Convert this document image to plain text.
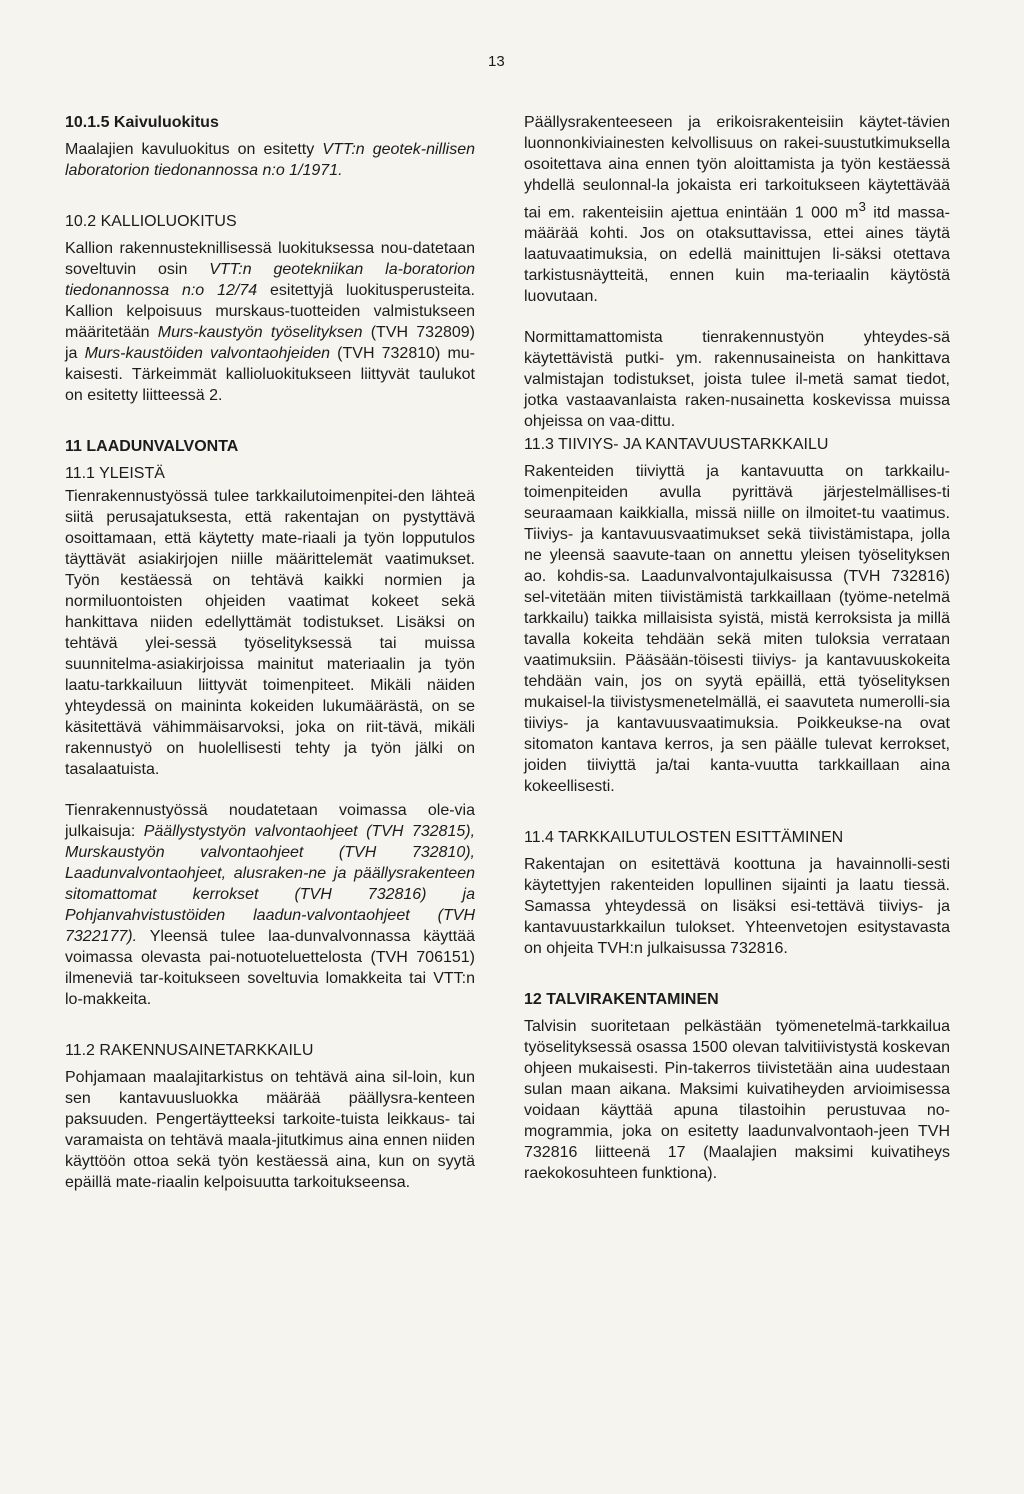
13
10.1.5 Kaivuluokitus

Maalajien kavuluokitus on esitetty VTT:n geotek-nillisen laboratorion tiedonannossa n:o 1/1971.

10.2 KALLIOLUOKITUS

Kallion rakennusteknillisessä luokituksessa nou-datetaan soveltuvin osin VTT:n geotekniikan la-boratorion tiedonannossa n:o 12/74 esitettyjä luokitusperusteita. Kallion kelpoisuus murskaus-tuotteiden valmistukseen määritetään Murs-kaustyön työselityksen (TVH 732809) ja Murs-kaustöiden valvontaohjeiden (TVH 732810) mu-kaisesti. Tärkeimmät kallioluokitukseen liittyvät taulukot on esitetty liitteessä 2.

11 LAADUNVALVONTA
11.1 YLEISTÄ

Tienrakennustyössä tulee tarkkailutoimenpitei-den lähteä siitä perusajatuksesta, että rakentajan on pystyttävä osoittamaan, että käytetty mate-riaali ja työn lopputulos täyttävät asiakirjojen niille määrittelemät vaatimukset. Työn kestäessä on tehtävä kaikki normien ja normiluontoisten ohjeiden vaatimat kokeet sekä hankittava niiden edellyttämät todistukset. Lisäksi on tehtävä ylei-sessä työselityksessä tai muissa suunnitelma-asiakirjoissa mainitut materiaalin ja työn laatu-tarkkailuun liittyvät toimenpiteet. Mikäli näiden yhteydessä on maininta kokeiden lukumäärästä, on se käsitettävä vähimmäisarvoksi, joka on riit-tävä, mikäli rakennustyö on huolellisesti tehty ja työn jälki on tasalaatuista.

Tienrakennustyössä noudatetaan voimassa ole-via julkaisuja: Päällystystyön valvontaohjeet (TVH 732815), Murskaustyön valvontaohjeet (TVH 732810), Laadunvalvontaohjeet, alusraken-ne ja päällysrakenteen sitomattomat kerrokset (TVH 732816) ja Pohjanvahvistustöiden laadun-valvontaohjeet (TVH 7322177). Yleensä tulee laa-dunvalvonnassa käyttää voimassa olevasta pai-notuoteluettelosta (TVH 706151) ilmeneviä tar-koitukseen soveltuvia lomakkeita tai VTT:n lo-makkeita.

11.2 RAKENNUSAINETARKKAILU

Pohjamaan maalajitarkistus on tehtävä aina sil-loin, kun sen kantavuusluokka määrää päällysra-kenteen paksuuden. Pengertäytteeksi tarkoite-tuista leikkaus- tai varamaista on tehtävä maala-jitutkimus aina ennen niiden käyttöön ottoa sekä työn kestäessä aina, kun on syytä epäillä mate-riaalin kelpoisuutta tarkoitukseensa.

Päällysrakenteeseen ja erikoisrakenteisiin käytet-tävien luonnonkiviainesten kelvollisuus on rakei-suustutkimuksella osoitettava aina ennen työn aloittamista ja työn kestäessä yhdellä seulonnal-la jokaista eri tarkoitukseen käytettävää tai em. rakenteisiin ajettua enintään 1 000 $m^3$ itd massa-määrää kohti. Jos on otaksuttavissa, ettei aines täytä laatuvaatimuksia, on edellä mainittujen li-säksi otettava tarkistusnäytteitä, ennen kuin ma-teriaalin käytöstä luovutaan.

Normittamattomista tienrakennustyön yhteydes-sä käytettävistä putki- ym. rakennusaineista on hankittava valmistajan todistukset, joista tulee il-metä samat tiedot, jotka vastaavanlaista raken-nusainetta koskevissa muissa ohjeissa on vaa-dittu.

11.3 TIIVIYS- JA KANTAVUUSTARKKAILU

Rakenteiden tiiviyttä ja kantavuutta on tarkkailu-toimenpiteiden avulla pyrittävä järjestelmällises-ti seuraamaan kaikkialla, missä niille on ilmoitet-tu vaatimus. Tiiviys- ja kantavuusvaatimukset sekä tiivistämistapa, jolla ne yleensä saavute-taan on annettu yleisen työselityksen ao. kohdis-sa. Laadunvalvontajulkaisussa (TVH 732816) sel-vitetään miten tiivistämistä tarkkaillaan (työme-netelmä tarkkailu) taikka millaisista syistä, mistä kerroksista ja millä tavalla kokeita tehdään sekä miten tuloksia verrataan vaatimuksiin. Pääsään-töisesti tiiviys- ja kantavuuskokeita tehdään vain, jos on syytä epäillä, että työselityksen mukaisel-la tiivistysmenetelmällä, ei saavuteta numerolli-sia tiiviys- ja kantavuusvaatimuksia. Poikkeukse-na ovat sitomaton kantava kerros, ja sen päälle tulevat kerrokset, joiden tiiviyttä ja/tai kanta-vuutta tarkkaillaan aina kokeellisesti.

11.4 TARKKAILUTULOSTEN ESITTÄMINEN

Rakentajan on esitettävä koottuna ja havainnolli-sesti käytettyjen rakenteiden lopullinen sijainti ja laatu tiessä. Samassa yhteydessä on lisäksi esi-tettävä tiiviys- ja kantavuustarkkailun tulokset. Yhteenvetojen esitystavasta on ohjeita TVH:n julkaisussa 732816.

12 TALVIRAKENTAMINEN

Talvisin suoritetaan pelkästään työmenetelmä-tarkkailua työselityksessä osassa 1500 olevan talvitiivistystä koskevan ohjeen mukaisesti. Pin-takerros tiivistetään aina uudestaan sulan maan aikana. Maksimi kuivatiheyden arvioimisessa voidaan käyttää apuna tilastoihin perustuvaa no-mogrammia, joka on esitetty laadunvalvontaoh-jeen TVH 732816 liitteenä 17 (Maalajien maksimi kuivatiheys raekokosuhteen funktiona).
